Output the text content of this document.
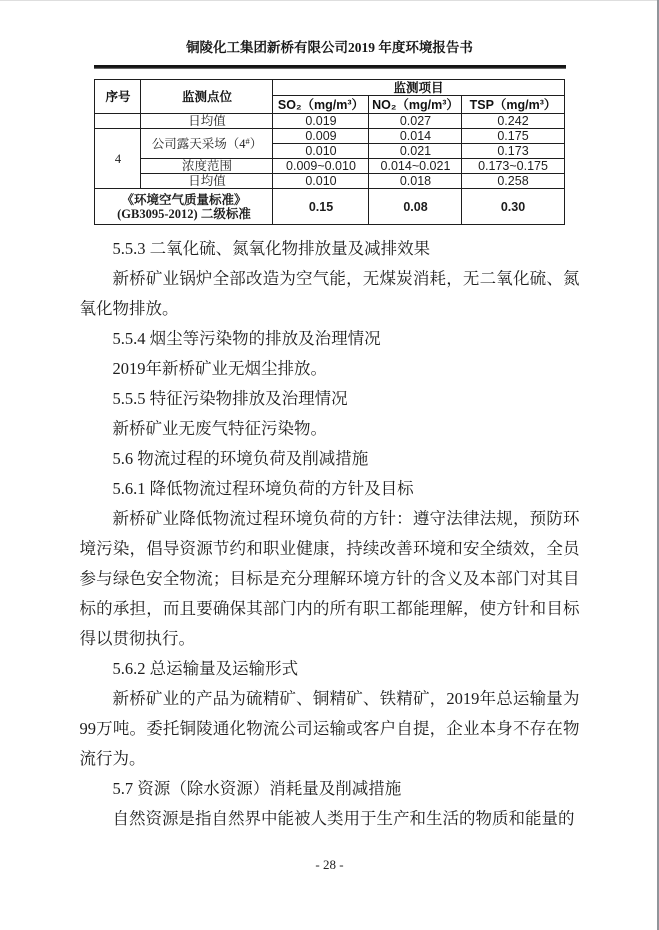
铜陵化工集团新桥有限公司2019 年度环境报告书
序号	监测点位	监测项目		
		SO₂（mg/m³）	NO₂（mg/m³）	TSP（mg/m³）
	日均值	0.019	0.027	0.242
4	公司露天采场（4#）	0.009	0.014	0.175
		0.010	0.021	0.173
	浓度范围	0.009~0.010	0.014~0.021	0.173~0.175
	日均值	0.010	0.018	0.258
《环境空气质量标准》(GB3095-2012) 二级标准		0.15	0.08	0.30

5.5.3 二氧化硫、氮氧化物排放量及减排效果

新桥矿业锅炉全部改造为空气能，无煤炭消耗，无二氧化硫、氮氧化物排放。

5.5.4 烟尘等污染物的排放及治理情况

2019年新桥矿业无烟尘排放。

5.5.5 特征污染物排放及治理情况

新桥矿业无废气特征污染物。

5.6 物流过程的环境负荷及削减措施

5.6.1 降低物流过程环境负荷的方针及目标

新桥矿业降低物流过程环境负荷的方针：遵守法律法规，预防环境污染，倡导资源节约和职业健康，持续改善环境和安全绩效，全员参与绿色安全物流；目标是充分理解环境方针的含义及本部门对其目标的承担，而且要确保其部门内的所有职工都能理解，使方针和目标得以贯彻执行。

5.6.2 总运输量及运输形式

新桥矿业的产品为硫精矿、铜精矿、铁精矿，2019年总运输量为99万吨。委托铜陵通化物流公司运输或客户自提，企业本身不存在物流行为。

5.7 资源（除水资源）消耗量及削减措施

自然资源是指自然界中能被人类用于生产和生活的物质和能量的

- 28 -
